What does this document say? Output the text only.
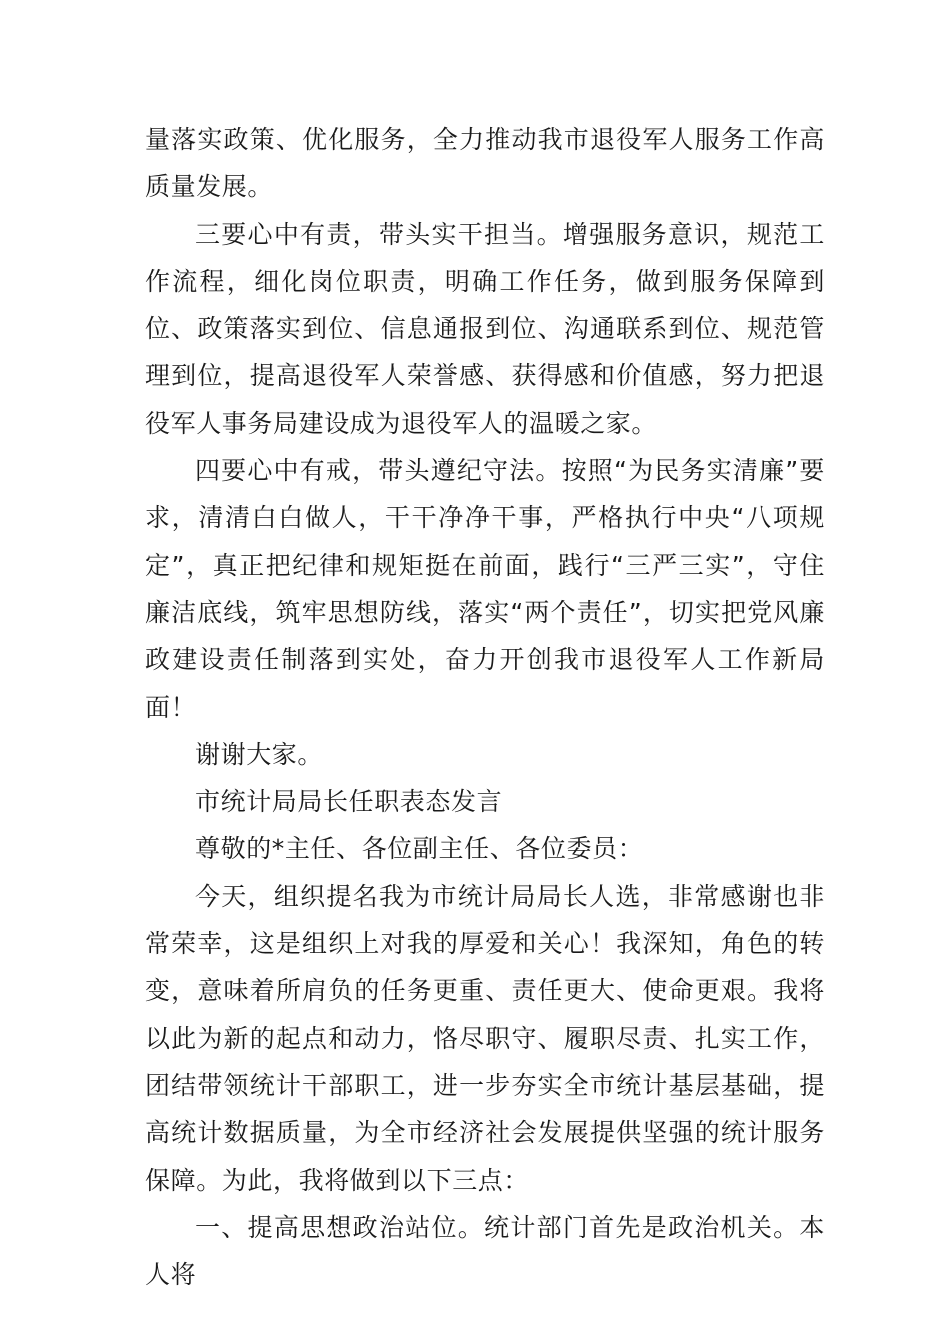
量落实政策、优化服务，全力推动我市退役军人服务工作高质量发展。

三要心中有责，带头实干担当。增强服务意识，规范工作流程，细化岗位职责，明确工作任务，做到服务保障到位、政策落实到位、信息通报到位、沟通联系到位、规范管理到位，提高退役军人荣誉感、获得感和价值感，努力把退役军人事务局建设成为退役军人的温暖之家。

四要心中有戒，带头遵纪守法。按照“为民务实清廉”要求，清清白白做人，干干净净干事，严格执行中央“八项规定”，真正把纪律和规矩挺在前面，践行“三严三实”，守住廉洁底线，筑牢思想防线，落实“两个责任”，切实把党风廉政建设责任制落到实处，奋力开创我市退役军人工作新局面！

谢谢大家。

市统计局局长任职表态发言

尊敬的*主任、各位副主任、各位委员：

今天，组织提名我为市统计局局长人选，非常感谢也非常荣幸，这是组织上对我的厚爱和关心！我深知，角色的转变，意味着所肩负的任务更重、责任更大、使命更艰。我将以此为新的起点和动力，恪尽职守、履职尽责、扎实工作，团结带领统计干部职工，进一步夯实全市统计基层基础，提高统计数据质量，为全市经济社会发展提供坚强的统计服务保障。为此，我将做到以下三点：

一、提高思想政治站位。统计部门首先是政治机关。本人将
